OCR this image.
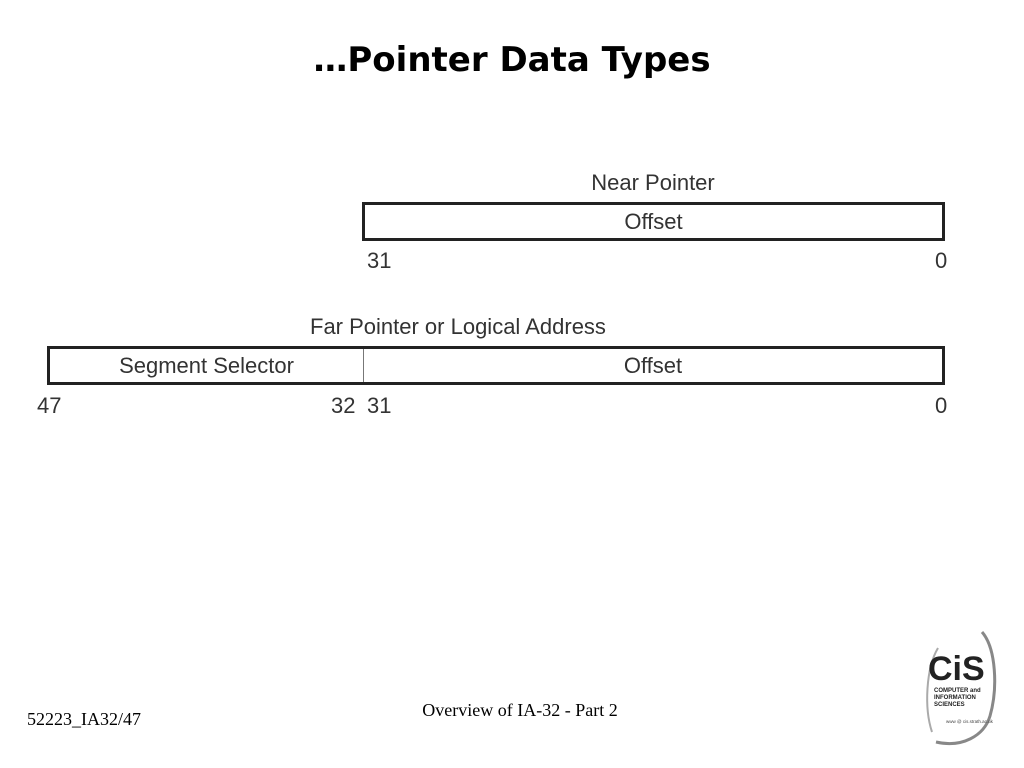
…Pointer Data Types
Near Pointer
Offset
31	0
Far Pointer or Logical Address
Segment Selector	Offset
47	32 31	0
52223_IA32/47	Overview of IA-32 - Part 2
CiS
COMPUTER and
INFORMATION
SCIENCES
www @ cis.strath.ac.uk
